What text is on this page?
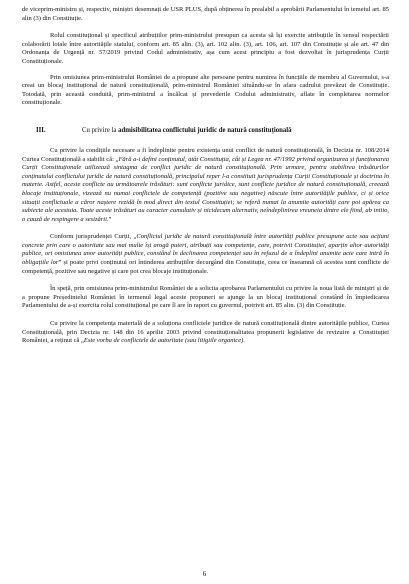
de viceprim-ministru și, respectiv, miniștri desemnați de USR PLUS, după obținerea în prealabil a aprobării Parlamentului în temeiul art. 85 alin (3) din Constituție.

Rolul constituțional și specificul atribuțiilor prim-ministrului presupun ca acesta să își exercite atribuțiile în sensul respectării colaborării loiale între autoritățile statului, conform art. 85 alin. (3), art. 102 alin. (3), art. 106, art. 107 din Constituție și ale art. 47 din Ordonanța de Urgență nr. 57/2019 privind Codul administrativ, așa cum acest principiu a fost dezvoltat în jurisprudența Curții Constituționale.

Prin omisiunea prim-ministrului României de a propune alte persoane pentru numirea în funcțiile de membru al Guvernului, s-a creat un blocaj instituțional de natură constituțională, prim-ministrul României situându-se în afara cadrului prevăzut de Constituție. Totodată, prin această conduită, prim-ministrul a încălcat și prevederile Codului administrativ, aflate în completarea normelor constituționale.

III.	Cu privire la admisibilitatea conflictului juridic de natură constituțională

Cu privire la condițiile necesare a fi îndeplinite pentru existența unui conflict de natură constituțională, în Decizia nr. 108/2014 Curtea Constituțională a stabilit că: „Fără a-i defini conținutul, atât Constituția, cât și Legea nr. 47/1992 privind organizarea și funcționarea Curții Constituționale utilizează sintagma de conflict juridic de natură constituțională. Prin urmare, pentru stabilirea trăsăturilor conținutului conflictului juridic de natură constituțională, principalul reper l-a constituit jurisprudența Curții Constituționale și doctrina în materie. Astfel, aceste conflicte au următoarele trăsături: sunt conflicte juridice, sunt conflicte juridice de natură constituțională, creează blocaje instituționale, vizează nu numai conflictele de competență (pozitive sau negative) născute între autoritățile publice, ci și orice situații conflictuale a căror naștere rezidă în mod direct din textul Constituției; se referă numai la anumite autorități care pot apărea ca subiecte ale acestuia. Toate aceste trăsături au caracter cumulativ și nicidecum alternativ, neîndeplinirea vreuneia dintre ele fiind, ab initio, o cauză de respingere a sesizării.”

Conform jurisprudenței Curții, „Conflictul juridic de natură constituțională între autorități publice presupune acte sau acțiuni concrete prin care o autoritate sau mai multe își arogă puteri, atribuții sau competențe, care, potrivit Constituției, aparțin altor autorități publice, ori omisiunea unor autorități publice, constând în declinarea competenței sau în refuzul de a îndeplini anumite acte care intră în obligațiile lor” și poate privi conținutul ori întinderea atribuțiilor decurgând din Constituție, ceea ce înseamnă că acestea sunt conflicte de competență, pozitive sau negative și care pot crea blocaje instituționale.

În speță, prin omisiunea prim-ministrului României de a solicita aprobarea Parlamentului cu privire la noua listă de miniștri și de a propune Președintelui României în termenul legal aceste propuneri se ajunge la un blocaj instituțional constând în împiedicarea Parlamentului de a-și exercita rolul constituțional pe care îl are în raport cu guvernul, potrivit art. 85 alin. (3) din Constituție.

Cu privire la competența materială de a soluționa conflictele juridice de natură constituțională dintre autoritățile publice, Curtea Constituțională, prin Decizia nr. 148 din 16 aprilie 2003 privind constituționalitatea propunerii legislative de revizuire a Constituției României, a reținut că „Este vorba de conflictele de autoritate (sau litigiile organice).

6
